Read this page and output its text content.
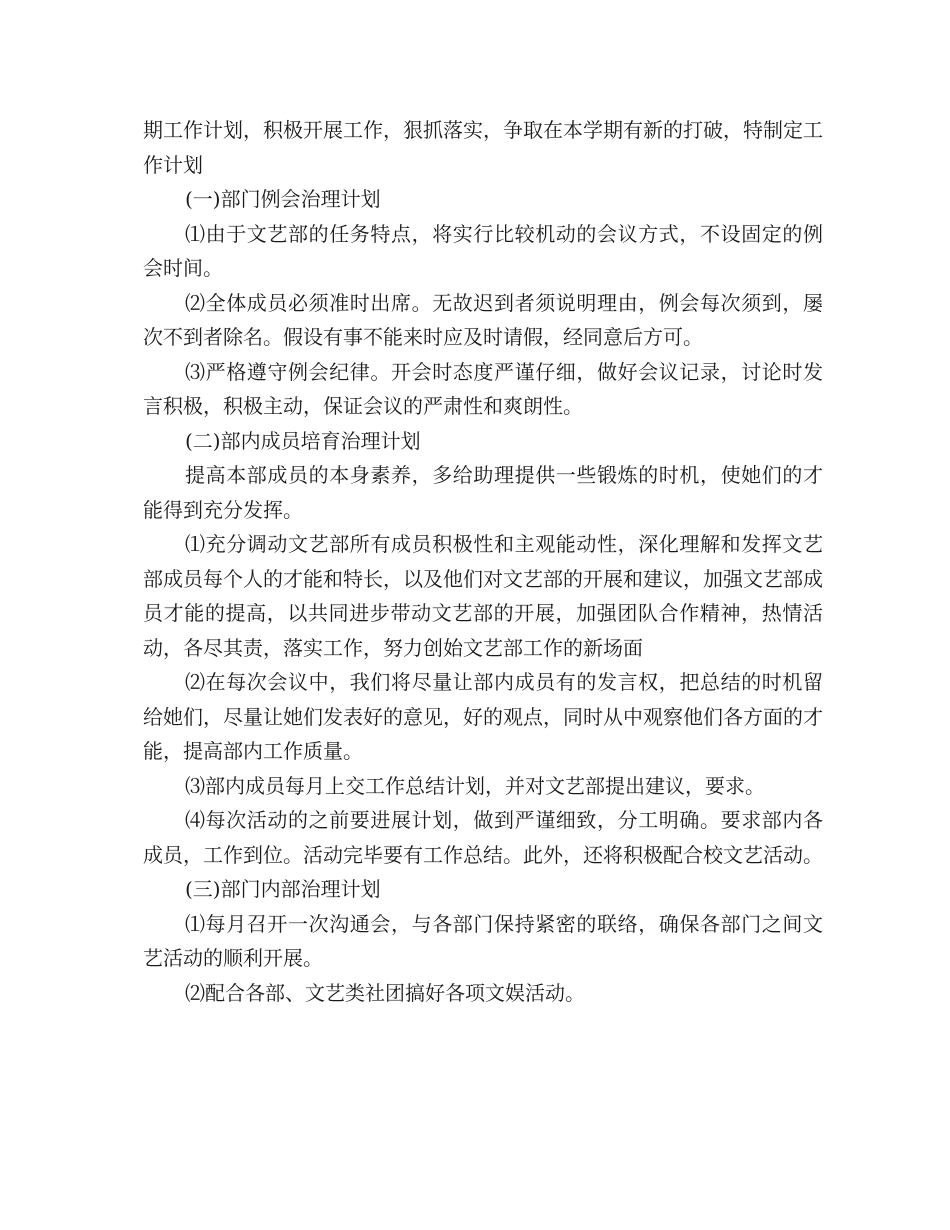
期工作计划，积极开展工作，狠抓落实，争取在本学期有新的打破，特制定工作计划

(一)部门例会治理计划

⑴由于文艺部的任务特点，将实行比较机动的会议方式，不设固定的例会时间。

⑵全体成员必须准时出席。无故迟到者须说明理由，例会每次须到，屡次不到者除名。假设有事不能来时应及时请假，经同意后方可。

⑶严格遵守例会纪律。开会时态度严谨仔细，做好会议记录，讨论时发言积极，积极主动，保证会议的严肃性和爽朗性。

(二)部内成员培育治理计划

提高本部成员的本身素养，多给助理提供一些锻炼的时机，使她们的才能得到充分发挥。

⑴充分调动文艺部所有成员积极性和主观能动性，深化理解和发挥文艺部成员每个人的才能和特长，以及他们对文艺部的开展和建议，加强文艺部成员才能的提高，以共同进步带动文艺部的开展，加强团队合作精神，热情活动，各尽其责，落实工作，努力创始文艺部工作的新场面

⑵在每次会议中，我们将尽量让部内成员有的发言权，把总结的时机留给她们，尽量让她们发表好的意见，好的观点，同时从中观察他们各方面的才能，提高部内工作质量。

⑶部内成员每月上交工作总结计划，并对文艺部提出建议，要求。

⑷每次活动的之前要进展计划，做到严谨细致，分工明确。要求部内各成员，工作到位。活动完毕要有工作总结。此外，还将积极配合校文艺活动。

(三)部门内部治理计划

⑴每月召开一次沟通会，与各部门保持紧密的联络，确保各部门之间文艺活动的顺利开展。

⑵配合各部、文艺类社团搞好各项文娱活动。
